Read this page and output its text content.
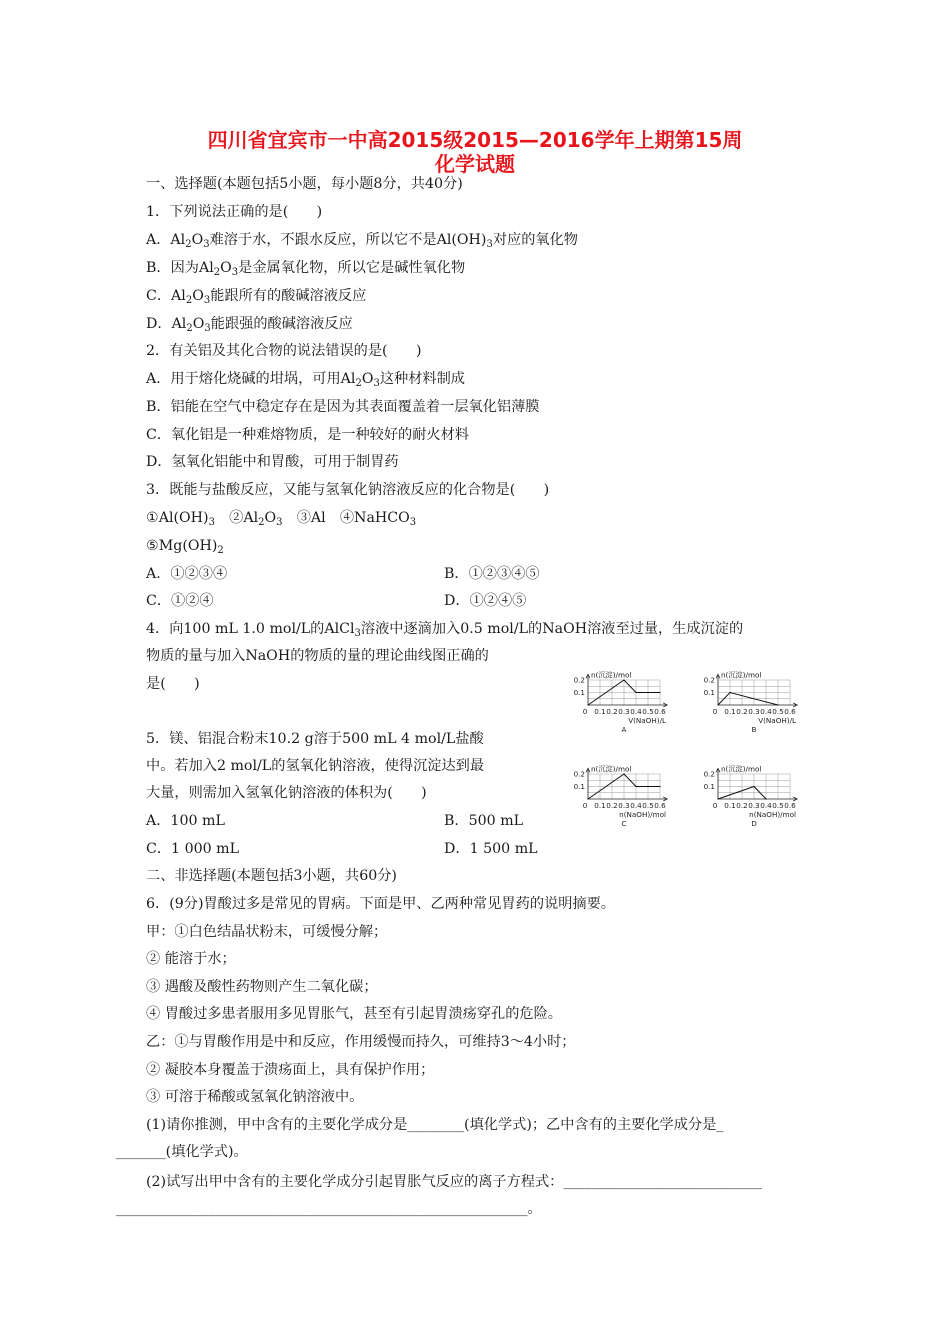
四川省宜宾市一中高2015级2015—2016学年上期第15周
化学试题
一、选择题(本题包括5小题，每小题8分，共40分)
1．下列说法正确的是(　　)
A．$Al_2O_3$难溶于水，不跟水反应，所以它不是$Al(OH)_3$对应的氧化物
B．因为$Al_2O_3$是金属氧化物，所以它是碱性氧化物
C．$Al_2O_3$能跟所有的酸碱溶液反应
D．$Al_2O_3$能跟强的酸碱溶液反应
2．有关铝及其化合物的说法错误的是(　　)
A．用于熔化烧碱的坩埚，可用$Al_2O_3$这种材料制成
B．铝能在空气中稳定存在是因为其表面覆盖着一层氧化铝薄膜
C．氧化铝是一种难熔物质，是一种较好的耐火材料
D．氢氧化铝能中和胃酸，可用于制胃药
3．既能与盐酸反应，又能与氢氧化钠溶液反应的化合物是(　　)
$①Al(OH)_3$　$②Al_2O_3$　③Al　④NaHCO$_3$
$⑤Mg(OH)_2$
A．①②③④	B．①②③④⑤
C．①②④	D．①②④⑤
4．向100 mL 1.0 mol/L的AlCl$_3$溶液中逐滴加入0.5 mol/L的NaOH溶液至过量，生成沉淀的
物质的量与加入NaOH的物质的量的理论曲线图正确的
是(　　)
5．镁、铝混合粉末10.2 g溶于500 mL 4 mol/L盐酸
中。若加入2 mol/L的氢氧化钠溶液，使得沉淀达到最
大量，则需加入氢氧化钠溶液的体积为(　　)
A．100 mL	B．500 mL
C．1 000 mL	D．1 500 mL
二、非选择题(本题包括3小题，共60分)
6．(9分)胃酸过多是常见的胃病。下面是甲、乙两种常见胃药的说明摘要。
甲：①白色结晶状粉末，可缓慢分解；
② 能溶于水；
③ 遇酸及酸性药物则产生二氧化碳；
④ 胃酸过多患者服用多见胃胀气，甚至有引起胃溃疡穿孔的危险。
乙：①与胃酸作用是中和反应，作用缓慢而持久，可维持3～4小时；
② 凝胶本身覆盖于溃疡面上，具有保护作用；
③ 可溶于稀酸或氢氧化钠溶液中。
(1)请你推测，甲中含有的主要化学成分是________(填化学式)；乙中含有的主要化学成分是_
_______(填化学式)。
(2)试写出甲中含有的主要化学成分引起胃胀气反应的离子方程式：____________________________
__________________________________________________________。
n(沉淀)/mol
0.2
0.1
0 0.1 0.2 0.3 0.4 0.5 0.6
V(NaOH)/L
A
n(沉淀)/mol
0.2
0.1
0 0.1 0.2 0.3 0.4 0.5 0.6
V(NaOH)/L
B
n(沉淀)/mol
0.2
0.1
0 0.1 0.2 0.3 0.4 0.5 0.6
n(NaOH)/mol
C
n(沉淀)/mol
0.2
0.1
0 0.1 0.2 0.3 0.4 0.5 0.6
n(NaOH)/mol
D
